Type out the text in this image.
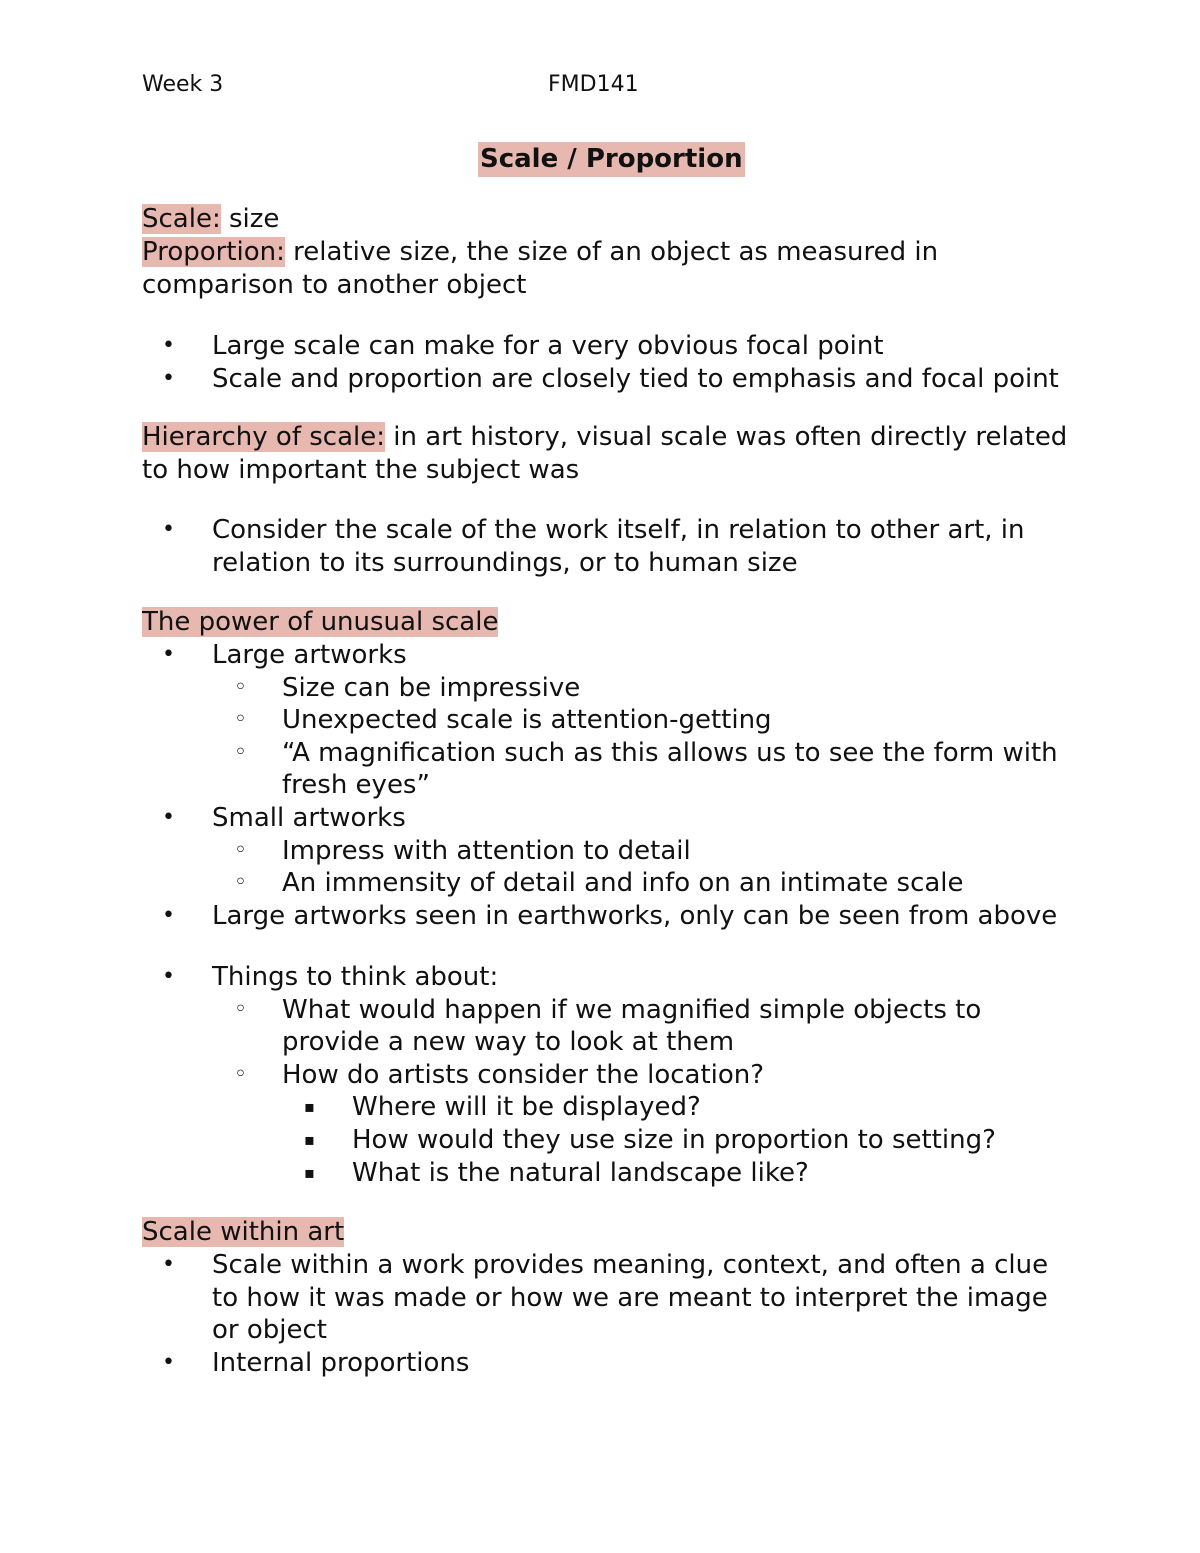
Week 3	FMD141
Scale / Proportion
Scale: size
Proportion: relative size, the size of an object as measured in comparison to another object
• Large scale can make for a very obvious focal point
• Scale and proportion are closely tied to emphasis and focal point
Hierarchy of scale: in art history, visual scale was often directly related to how important the subject was
• Consider the scale of the work itself, in relation to other art, in relation to its surroundings, or to human size
The power of unusual scale
• Large artworks
◦ Size can be impressive
◦ Unexpected scale is attention-getting
◦ “A magnification such as this allows us to see the form with fresh eyes”
• Small artworks
◦ Impress with attention to detail
◦ An immensity of detail and info on an intimate scale
• Large artworks seen in earthworks, only can be seen from above
• Things to think about:
◦ What would happen if we magnified simple objects to provide a new way to look at them
◦ How do artists consider the location?
▪ Where will it be displayed?
▪ How would they use size in proportion to setting?
▪ What is the natural landscape like?
Scale within art
• Scale within a work provides meaning, context, and often a clue to how it was made or how we are meant to interpret the image or object
• Internal proportions
